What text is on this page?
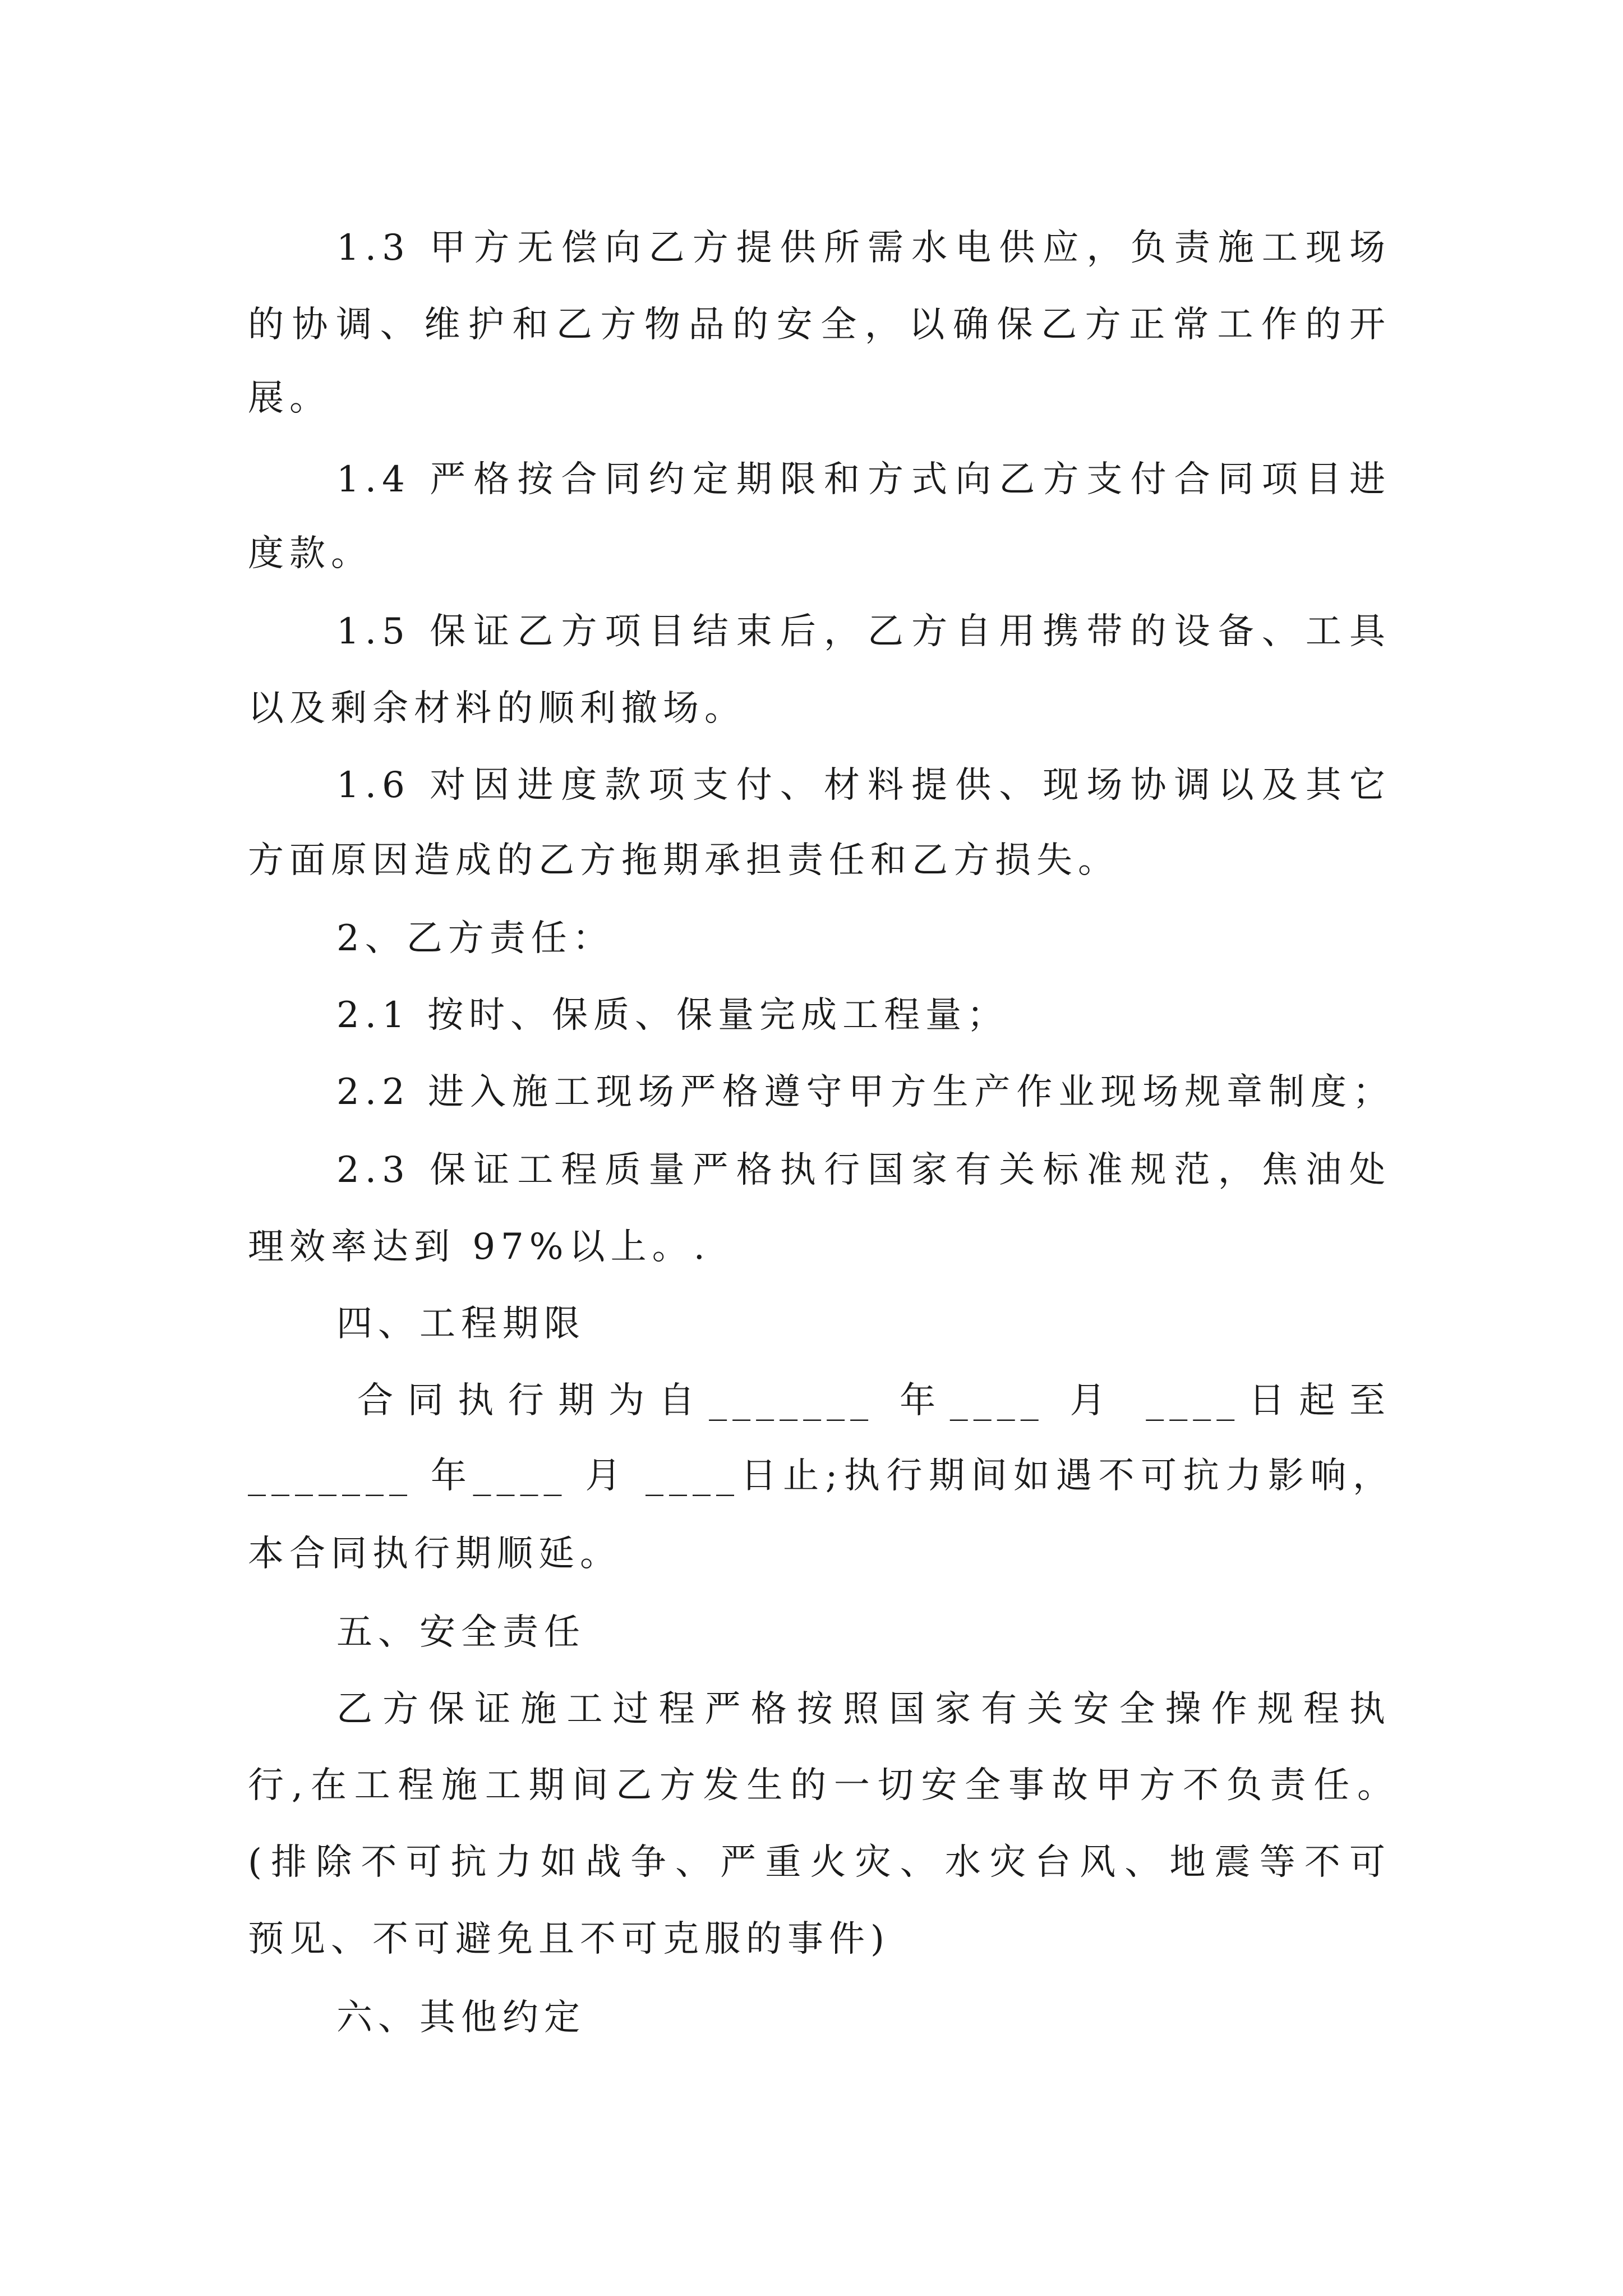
1.3 甲方无偿向乙方提供所需水电供应，负责施工现场
的协调、维护和乙方物品的安全，以确保乙方正常工作的开
展。
1.4 严格按合同约定期限和方式向乙方支付合同项目进
度款。
1.5 保证乙方项目结束后，乙方自用携带的设备、工具
以及剩余材料的顺利撤场。
1.6 对因进度款项支付、材料提供、现场协调以及其它
方面原因造成的乙方拖期承担责任和乙方损失。
2、乙方责任：
2.1 按时、保质、保量完成工程量；
2.2 进入施工现场严格遵守甲方生产作业现场规章制度；
2.3 保证工程质量严格执行国家有关标准规范，焦油处
理效率达到 97%以上。.
四、工程期限
合同执行期为自_______ 年____ 月 ____日起至
_______ 年____ 月 ____日止;执行期间如遇不可抗力影响，
本合同执行期顺延。
五、安全责任
乙方保证施工过程严格按照国家有关安全操作规程执
行,在工程施工期间乙方发生的一切安全事故甲方不负责任。
(排除不可抗力如战争、严重火灾、水灾台风、地震等不可
预见、不可避免且不可克服的事件)
六、其他约定
